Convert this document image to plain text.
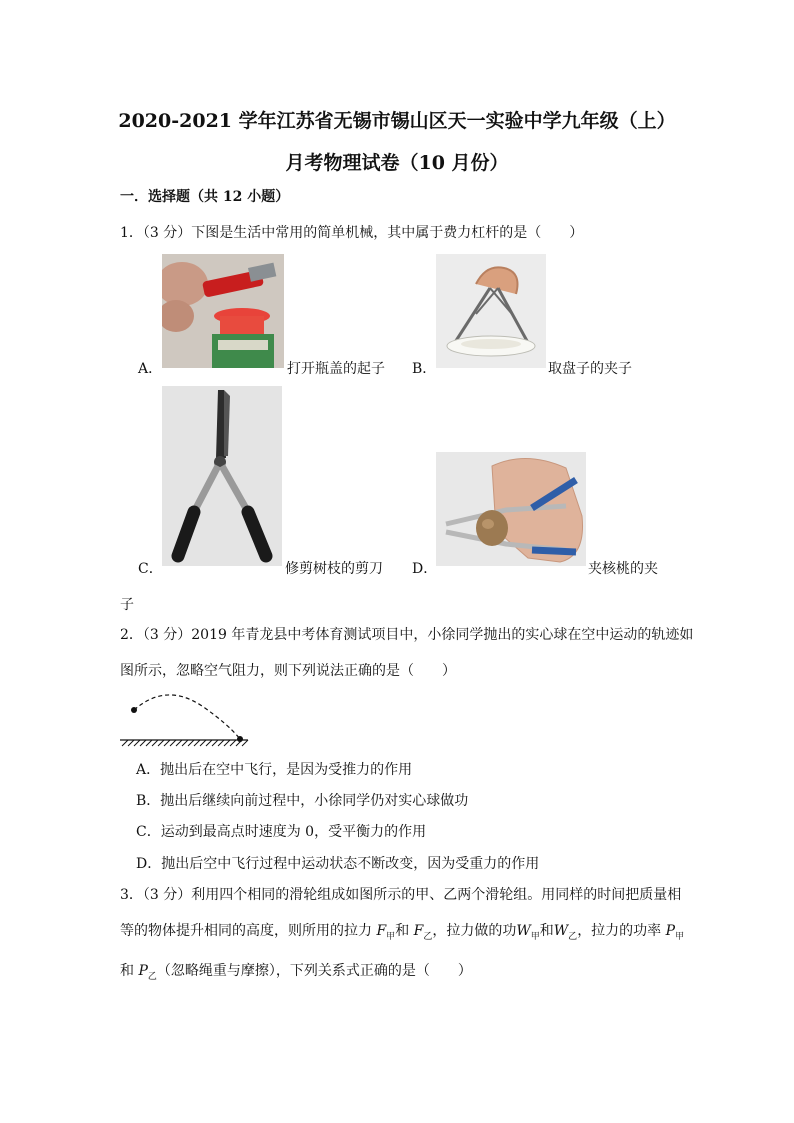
2020-2021 学年江苏省无锡市锡山区天一实验中学九年级（上）
月考物理试卷（10 月份）
一．选择题（共 12 小题）
1．（3 分）下图是生活中常用的简单机械，其中属于费力杠杆的是（　　）
A．	打开瓶盖的起子 B．	取盘子的夹子
C．	修剪树枝的剪刀 D．	夹核桃的夹
子
2．（3 分）2019 年青龙县中考体育测试项目中，小徐同学抛出的实心球在空中运动的轨迹如
图所示，忽略空气阻力，则下列说法正确的是（　　）
A．抛出后在空中飞行，是因为受推力的作用
B．抛出后继续向前过程中，小徐同学仍对实心球做功
C．运动到最高点时速度为 0，受平衡力的作用
D．抛出后空中飞行过程中运动状态不断改变，因为受重力的作用
3．（3 分）利用四个相同的滑轮组成如图所示的甲、乙两个滑轮组。用同样的时间把质量相
等的物体提升相同的高度，则所用的拉力 $F_甲$和 $F_乙$，拉力做的功$W_甲$和$W_乙$，拉力的功率 $P_甲$
和 $P_乙$（忽略绳重与摩擦），下列关系式正确的是（　　）
